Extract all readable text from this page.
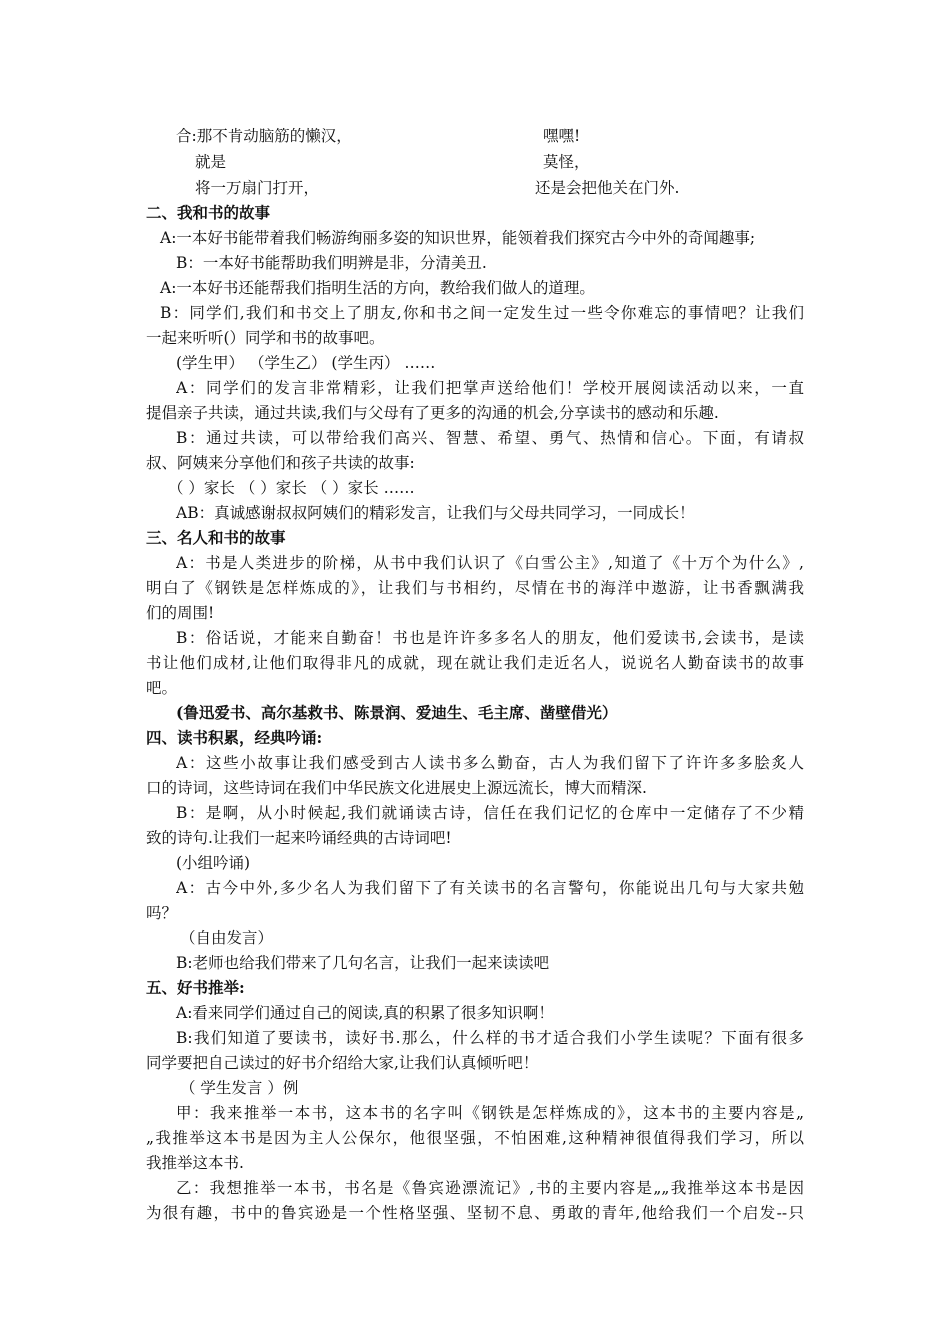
合:那不肯动脑筋的懒汉，	嘿嘿!
就是	莫怪，
将一万扇门打开，	还是会把他关在门外.
二、我和书的故事
A:一本好书能带着我们畅游绚丽多姿的知识世界，能领着我们探究古今中外的奇闻趣事;
B：一本好书能帮助我们明辨是非，分清美丑.
A:一本好书还能帮我们指明生活的方向，教给我们做人的道理。
B：同学们,我们和书交上了朋友,你和书之间一定发生过一些令你难忘的事情吧？让我们
一起来听听(）同学和书的故事吧。
(学生甲） （学生乙） (学生丙） ……
A：同学们的发言非常精彩，让我们把掌声送给他们！学校开展阅读活动以来，一直
提倡亲子共读，通过共读,我们与父母有了更多的沟通的机会,分享读书的感动和乐趣.
B：通过共读，可以带给我们高兴、智慧、希望、勇气、热情和信心。下面，有请叔
叔、阿姨来分享他们和孩子共读的故事:
（ ）家长 （ ）家长 （ ）家长 ……
AB：真诚感谢叔叔阿姨们的精彩发言，让我们与父母共同学习，一同成长！
三、名人和书的故事
A：书是人类进步的阶梯，从书中我们认识了《白雪公主》,知道了《十万个为什么》,
明白了《钢铁是怎样炼成的》，让我们与书相约，尽情在书的海洋中遨游，让书香飘满我
们的周围!
B：俗话说，才能来自勤奋！书也是许许多多名人的朋友，他们爱读书,会读书，是读
书让他们成材,让他们取得非凡的成就，现在就让我们走近名人，说说名人勤奋读书的故事
吧。
(鲁迅爱书、高尔基救书、陈景润、爱迪生、毛主席、凿壁借光）
四、读书积累，经典吟诵:
A：这些小故事让我们感受到古人读书多么勤奋，古人为我们留下了许许多多脍炙人
口的诗词，这些诗词在我们中华民族文化进展史上源远流长，博大而精深.
B：是啊，从小时候起,我们就诵读古诗，信任在我们记忆的仓库中一定储存了不少精
致的诗句.让我们一起来吟诵经典的古诗词吧!
(小组吟诵)
A：古今中外,多少名人为我们留下了有关读书的名言警句，你能说出几句与大家共勉
吗？
（自由发言）
B:老师也给我们带来了几句名言，让我们一起来读读吧
五、好书推举:
A:看来同学们通过自己的阅读,真的积累了很多知识啊！
B:我们知道了要读书，读好书.那么，什么样的书才适合我们小学生读呢？下面有很多
同学要把自己读过的好书介绍给大家,让我们认真倾听吧！
（ 学生发言 ）例
甲：我来推举一本书，这本书的名字叫《钢铁是怎样炼成的》，这本书的主要内容是„
„我推举这本书是因为主人公保尔，他很坚强，不怕困难,这种精神很值得我们学习，所以
我推举这本书.
乙：我想推举一本书，书名是《鲁宾逊漂流记》,书的主要内容是„„我推举这本书是因
为很有趣，书中的鲁宾逊是一个性格坚强、坚韧不息、勇敢的青年,他给我们一个启发--只
